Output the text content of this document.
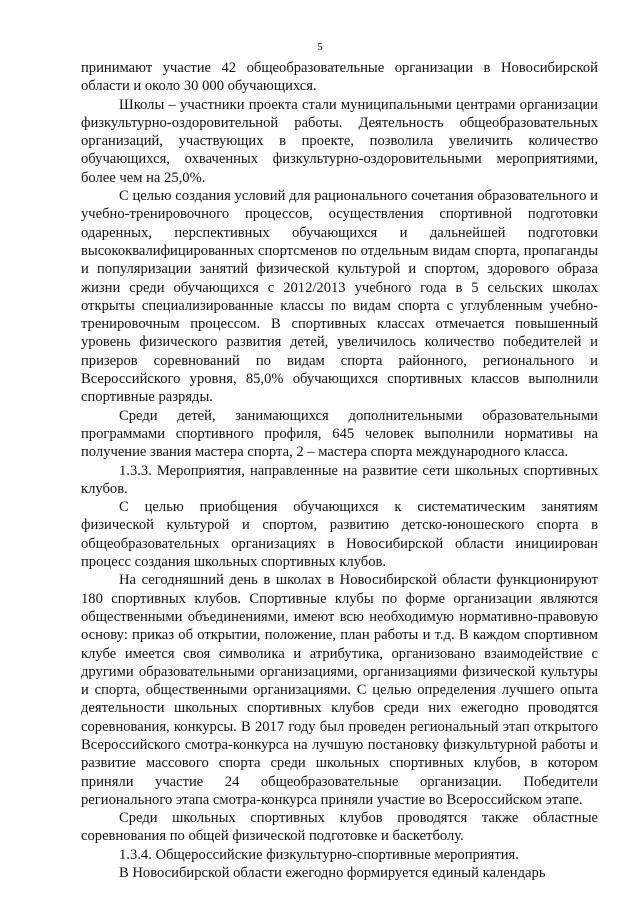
5

принимают участие 42 общеобразовательные организации в Новосибирской области и около 30 000 обучающихся.

Школы – участники проекта стали муниципальными центрами организации физкультурно-оздоровительной работы. Деятельность общеобразовательных организаций, участвующих в проекте, позволила увеличить количество обучающихся, охваченных физкультурно-оздоровительными мероприятиями, более чем на 25,0%.

С целью создания условий для рационального сочетания образовательного и учебно-тренировочного процессов, осуществления спортивной подготовки одаренных, перспективных обучающихся и дальнейшей подготовки высококвалифицированных спортсменов по отдельным видам спорта, пропаганды и популяризации занятий физической культурой и спортом, здорового образа жизни среди обучающихся с 2012/2013 учебного года в 5 сельских школах открыты специализированные классы по видам спорта с углубленным учебно-тренировочным процессом. В спортивных классах отмечается повышенный уровень физического развития детей, увеличилось количество победителей и призеров соревнований по видам спорта районного, регионального и Всероссийского уровня, 85,0% обучающихся спортивных классов выполнили спортивные разряды.

Среди детей, занимающихся дополнительными образовательными программами спортивного профиля, 645 человек выполнили нормативы на получение звания мастера спорта, 2 – мастера спорта международного класса.

1.3.3. Мероприятия, направленные на развитие сети школьных спортивных клубов.

С целью приобщения обучающихся к систематическим занятиям физической культурой и спортом, развитию детско-юношеского спорта в общеобразовательных организациях в Новосибирской области инициирован процесс создания школьных спортивных клубов.

На сегодняшний день в школах в Новосибирской области функционируют 180 спортивных клубов. Спортивные клубы по форме организации являются общественными объединениями, имеют всю необходимую нормативно-правовую основу: приказ об открытии, положение, план работы и т.д. В каждом спортивном клубе имеется своя символика и атрибутика, организовано взаимодействие с другими образовательными организациями, организациями физической культуры и спорта, общественными организациями. С целью определения лучшего опыта деятельности школьных спортивных клубов среди них ежегодно проводятся соревнования, конкурсы. В 2017 году был проведен региональный этап открытого Всероссийского смотра-конкурса на лучшую постановку физкультурной работы и развитие массового спорта среди школьных спортивных клубов, в котором приняли участие 24 общеобразовательные организации. Победители регионального этапа смотра-конкурса приняли участие во Всероссийском этапе.

Среди школьных спортивных клубов проводятся также областные соревнования по общей физической подготовке и баскетболу.

1.3.4. Общероссийские физкультурно-спортивные мероприятия.

В Новосибирской области ежегодно формируется единый календарь
